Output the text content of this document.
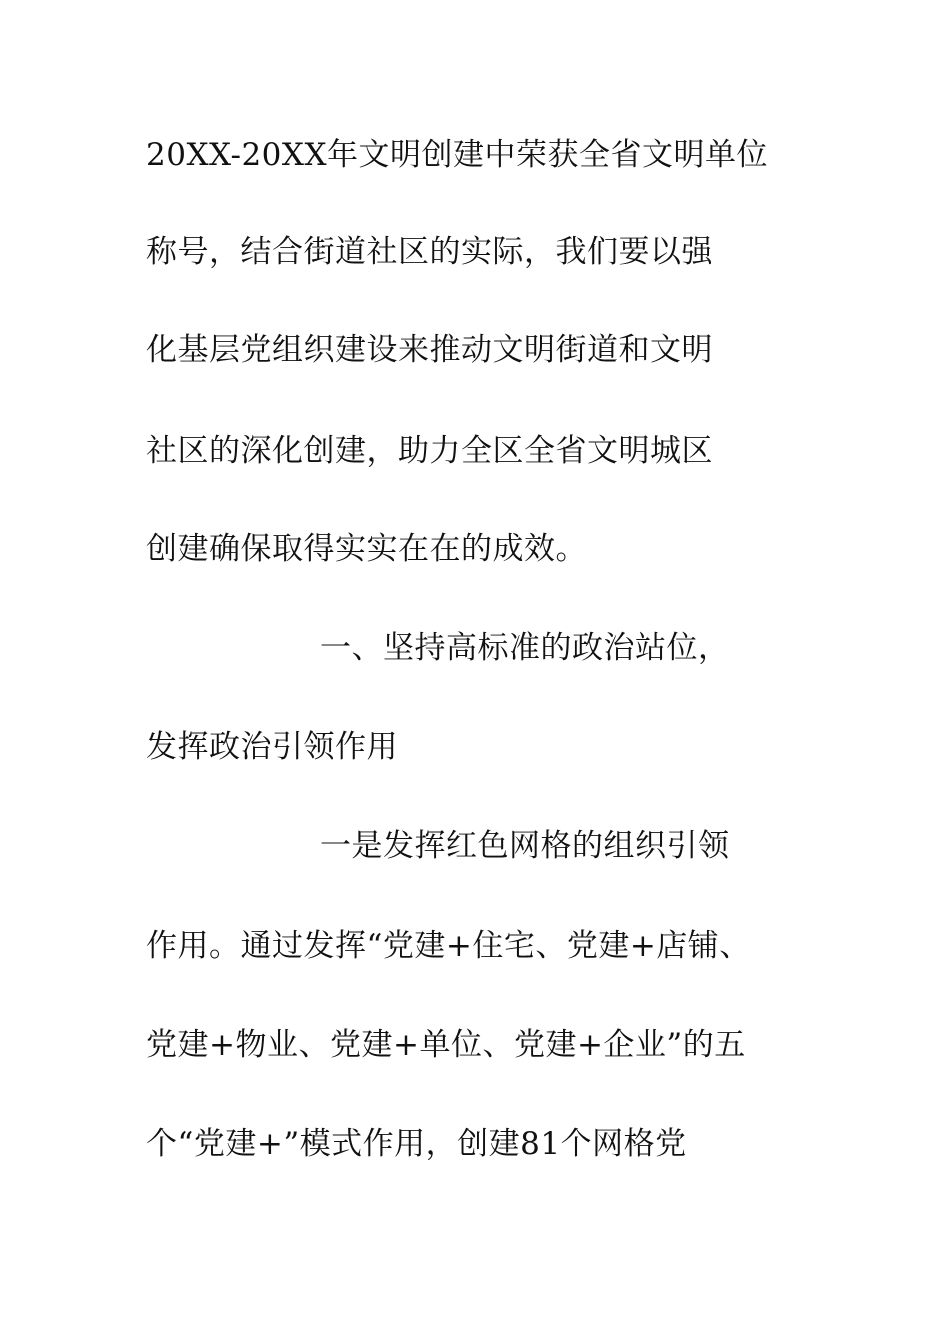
20XX-20XX年文明创建中荣获全省文明单位
称号，结合街道社区的实际，我们要以强
化基层党组织建设来推动文明街道和文明
社区的深化创建，助力全区全省文明城区
创建确保取得实实在在的成效。
一、坚持高标准的政治站位，
发挥政治引领作用
一是发挥红色网格的组织引领
作用。通过发挥“党建+住宅、党建+店铺、
党建+物业、党建+单位、党建+企业”的五
个“党建+”模式作用，创建81个网格党
